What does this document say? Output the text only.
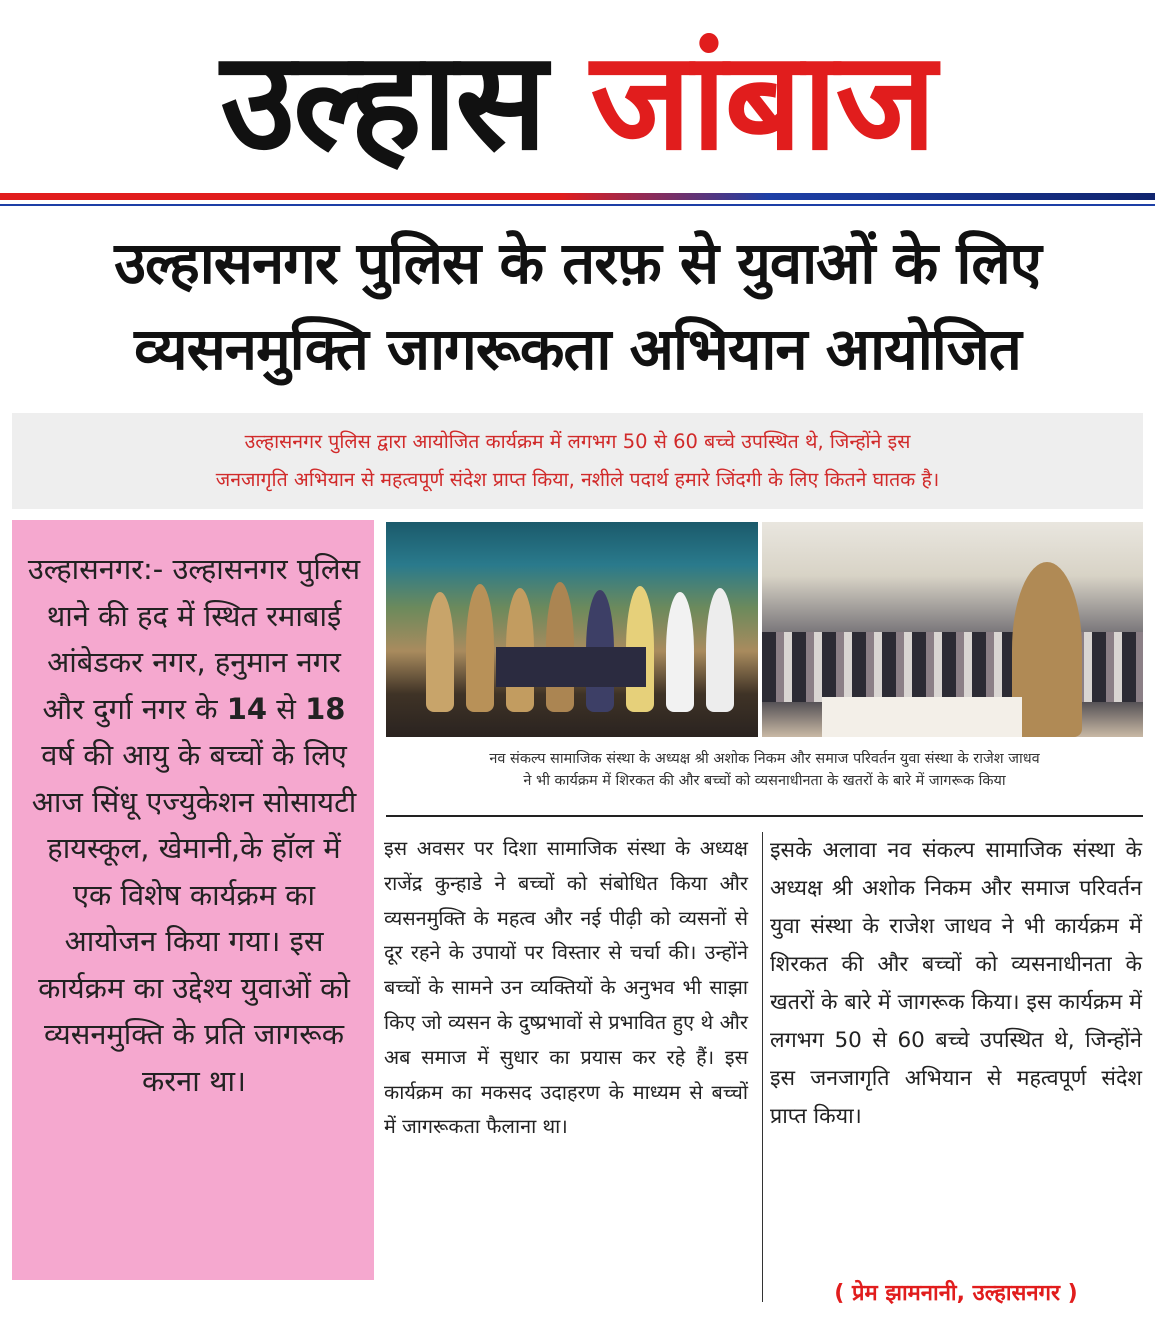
उल्हास जांबाज
उल्हासनगर पुलिस के तरफ़ से युवाओं के लिए
व्यसनमुक्ति जागरूकता अभियान आयोजित
उल्हासनगर पुलिस द्वारा आयोजित कार्यक्रम में लगभग 50 से 60 बच्चे उपस्थित थे, जिन्होंने इस
जनजागृति अभियान से महत्वपूर्ण संदेश प्राप्त किया, नशीले पदार्थ हमारे जिंदगी के लिए कितने घातक है।
उल्हासनगर:- उल्हासनगर पुलिस थाने की हद में स्थित रमाबाई आंबेडकर नगर, हनुमान नगर और दुर्गा नगर के 14 से 18 वर्ष की आयु के बच्चों के लिए आज सिंधू एज्युकेशन सोसायटी हायस्कूल, खेमानी,के हॉल में एक विशेष कार्यक्रम का आयोजन किया गया। इस कार्यक्रम का उद्देश्य युवाओं को व्यसनमुक्ति के प्रति जागरूक करना था।
नव संकल्प सामाजिक संस्था के अध्यक्ष श्री अशोक निकम और समाज परिवर्तन युवा संस्था के राजेश जाधव
ने भी कार्यक्रम में शिरकत की और बच्चों को व्यसनाधीनता के खतरों के बारे में जागरूक किया
इस अवसर पर दिशा सामाजिक संस्था के अध्यक्ष राजेंद्र कुन्हाडे ने बच्चों को संबोधित किया और व्यसनमुक्ति के महत्व और नई पीढ़ी को व्यसनों से दूर रहने के उपायों पर विस्तार से चर्चा की। उन्होंने बच्चों के सामने उन व्यक्तियों के अनुभव भी साझा किए जो व्यसन के दुष्प्रभावों से प्रभावित हुए थे और अब समाज में सुधार का प्रयास कर रहे हैं। इस कार्यक्रम का मकसद उदाहरण के माध्यम से बच्चों में जागरूकता फैलाना था।
इसके अलावा नव संकल्प सामाजिक संस्था के अध्यक्ष श्री अशोक निकम और समाज परिवर्तन युवा संस्था के राजेश जाधव ने भी कार्यक्रम में शिरकत की और बच्चों को व्यसनाधीनता के खतरों के बारे में जागरूक किया। इस कार्यक्रम में लगभग 50 से 60 बच्चे उपस्थित थे, जिन्होंने इस जनजागृति अभियान से महत्वपूर्ण संदेश प्राप्त किया।
( प्रेम झामनानी, उल्हासनगर )
